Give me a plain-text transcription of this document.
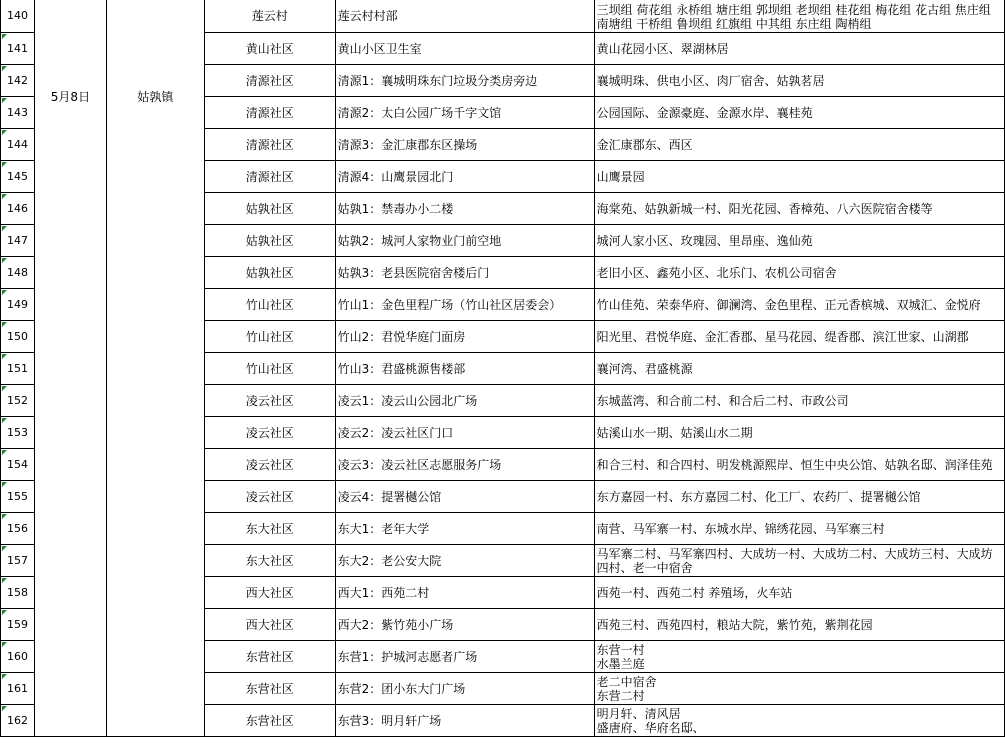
140	5月8日	姑孰镇	莲云村	莲云村村部	三坝组 荷花组 永桥组 塘庄组 郭坝组 老坝组 桂花组 梅花组 花古组 焦庄组
南塘组 干桥组 鲁坝组 红旗组 中其组 东庄组 陶梢组

141			黄山社区	黄山小区卫生室	黄山花园小区、翠湖林居

142			清源社区	清源1：襄城明珠东门垃圾分类房旁边	襄城明珠、供电小区、肉厂宿舍、姑孰茗居

143			清源社区	清源2：太白公园广场千字文馆	公园国际、金源豪庭、金源水岸、襄桂苑

144			清源社区	清源3：金汇康郡东区操场	金汇康郡东、西区

145			清源社区	清源4：山鹰景园北门	山鹰景园

146			姑孰社区	姑孰1：禁毒办小二楼	海棠苑、姑孰新城一村、阳光花园、香樟苑、八六医院宿舍楼等

147			姑孰社区	姑孰2：城河人家物业门前空地	城河人家小区、玫瑰园、里昂座、逸仙苑

148			姑孰社区	姑孰3：老县医院宿舍楼后门	老旧小区、鑫苑小区、北乐门、农机公司宿舍

149			竹山社区	竹山1：金色里程广场（竹山社区居委会）	竹山佳苑、荣泰华府、御澜湾、金色里程、正元香槟城、双城汇、金悦府

150			竹山社区	竹山2：君悦华庭门面房	阳光里、君悦华庭、金汇香郡、星马花园、缇香郡、滨江世家、山湖郡

151			竹山社区	竹山3：君盛桃源售楼部	襄河湾、君盛桃源

152			凌云社区	凌云1：凌云山公园北广场	东城蓝湾、和合前二村、和合后二村、市政公司

153			凌云社区	凌云2：凌云社区门口	姑溪山水一期、姑溪山水二期

154			凌云社区	凌云3：凌云社区志愿服务广场	和合三村、和合四村、明发桃源熙岸、恒生中央公馆、姑孰名邸、润泽佳苑

155			凌云社区	凌云4：提署樾公馆	东方嘉园一村、东方嘉园二村、化工厂、农药厂、提署樾公馆

156			东大社区	东大1：老年大学	南营、马军寨一村、东城水岸、锦绣花园、马军寨三村

157			东大社区	东大2：老公安大院	马军寨二村、马军寨四村、大成坊一村、大成坊二村、大成坊三村、大成坊
四村、老一中宿舍

158			西大社区	西大1：西苑二村	西苑一村、西苑二村 养殖场，火车站

159			西大社区	西大2：紫竹苑小广场	西苑三村、西苑四村，粮站大院，紫竹苑，紫荆花园

160			东营社区	东营1：护城河志愿者广场	东营一村
水墨兰庭

161			东营社区	东营2：团小东大门广场	老二中宿舍
东营二村

162			东营社区	东营3：明月轩广场	明月轩、清风居
盛唐府、华府名邸、
